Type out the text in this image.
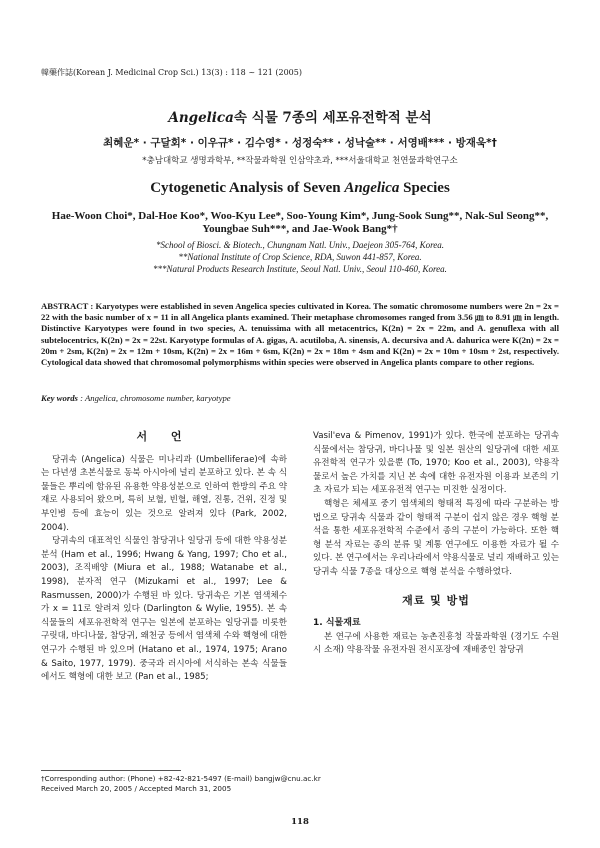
韓藥作誌(Korean J. Medicinal Crop Sci.) 13(3) : 118 ~ 121 (2005)
Angelica속 식물 7종의 세포유전학적 분석
최혜운* · 구달회* · 이우규* · 김수영* · 성정숙** · 성낙술** · 서영배*** · 방재욱*†
*충남대학교 생명과학부, **작물과학원 인삼약초과, ***서울대학교 천연물과학연구소
Cytogenetic Analysis of Seven Angelica Species
Hae-Woon Choi*, Dal-Hoe Koo*, Woo-Kyu Lee*, Soo-Young Kim*, Jung-Sook Sung**, Nak-Sul Seong**, Youngbae Suh***, and Jae-Wook Bang*†
*School of Biosci. & Biotech., Chungnam Natl. Univ., Daejeon 305-764, Korea.
**National Institute of Crop Science, RDA, Suwon 441-857, Korea.
***Natural Products Research Institute, Seoul Natl. Univ., Seoul 110-460, Korea.
ABSTRACT : Karyotypes were established in seven Angelica species cultivated in Korea. The somatic chromosome numbers were 2n = 2x = 22 with the basic number of x = 11 in all Angelica plants examined. Their metaphase chromosomes ranged from 3.56 ㎛ to 8.91 ㎛ in length. Distinctive Karyotypes were found in two species, A. tenuissima with all metacentrics, K(2n) = 2x = 22m, and A. genuflexa with all subtelocentrics, K(2n) = 2x = 22st. Karyotype formulas of A. gigas, A. acutiloba, A. sinensis, A. decursiva and A. dahurica were K(2n) = 2x = 20m + 2sm, K(2n) = 2x = 12m + 10sm, K(2n) = 2x = 16m + 6sm, K(2n) = 2x = 18m + 4sm and K(2n) = 2x = 10m + 10sm + 2st, respectively. Cytological data showed that chromosomal polymorphisms within species were observed in Angelica plants compare to other regions.
Key words : Angelica, chromosome number, karyotype
서 언

당귀속 (Angelica) 식물은 미나리과 (Umbelliferae)에 속하는 다년생 초본식물로 동북 아시아에 널리 분포하고 있다. 본 속 식물들은 뿌리에 함유된 유용한 약용성분으로 인하여 한방의 주요 약재로 사용되어 왔으며, 특히 보혈, 빈혈, 해열, 진통, 건위, 진정 및 부인병 등에 효능이 있는 것으로 알려져 있다 (Park, 2002, 2004).

당귀속의 대표적인 식물인 참당귀나 일당귀 등에 대한 약용성분 분석 (Ham et al., 1996; Hwang & Yang, 1997; Cho et al., 2003), 조직배양 (Miura et al., 1988; Watanabe et al., 1998), 분자적 연구 (Mizukami et al., 1997; Lee & Rasmussen, 2000)가 수행된 바 있다. 당귀속은 기본 염색체수가 x = 11로 알려져 있다 (Darlington & Wylie, 1955). 본 속 식물들의 세포유전학적 연구는 일본에 분포하는 일당귀를 비롯한 구릿대, 바디나물, 참당귀, 왜천궁 등에서 염색체 수와 핵형에 대한 연구가 수행된 바 있으며 (Hatano et al., 1974, 1975; Arano & Saito, 1977, 1979). 중국과 러시아에 서식하는 본속 식물들에서도 핵형에 대한 보고 (Pan et al., 1985;

Vasil'eva & Pimenov, 1991)가 있다. 한국에 분포하는 당귀속 식물에서는 참당귀, 바디나물 및 일본 원산의 일당귀에 대한 세포유전학적 연구가 있을뿐 (To, 1970; Koo et al., 2003), 약용작물로서 높은 가치를 지닌 본 속에 대한 유전자원 이용과 보존의 기초 자료가 되는 세포유전적 연구는 미진한 실정이다.

핵형은 체세포 중기 염색체의 형태적 특징에 따라 구분하는 방법으로 당귀속 식물과 같이 형태적 구분이 쉽지 않은 경우 핵형 분석을 통한 세포유전학적 수준에서 종의 구분이 가능하다. 또한 핵형 분석 자료는 종의 분류 및 계통 연구에도 이용한 자료가 될 수 있다. 본 연구에서는 우리나라에서 약용식물로 널리 재배하고 있는 당귀속 식물 7종을 대상으로 핵형 분석을 수행하였다.

재료 및 방법
1. 식물재료

본 연구에 사용한 재료는 농촌진흥청 작물과학원 (경기도 수원시 소재) 약용작물 유전자원 전시포장에 재배중인 참당귀

†Corresponding author: (Phone) +82-42-821-5497 (E-mail) bangjw@cnu.ac.kr
Received March 20, 2005 / Accepted March 31, 2005
118
